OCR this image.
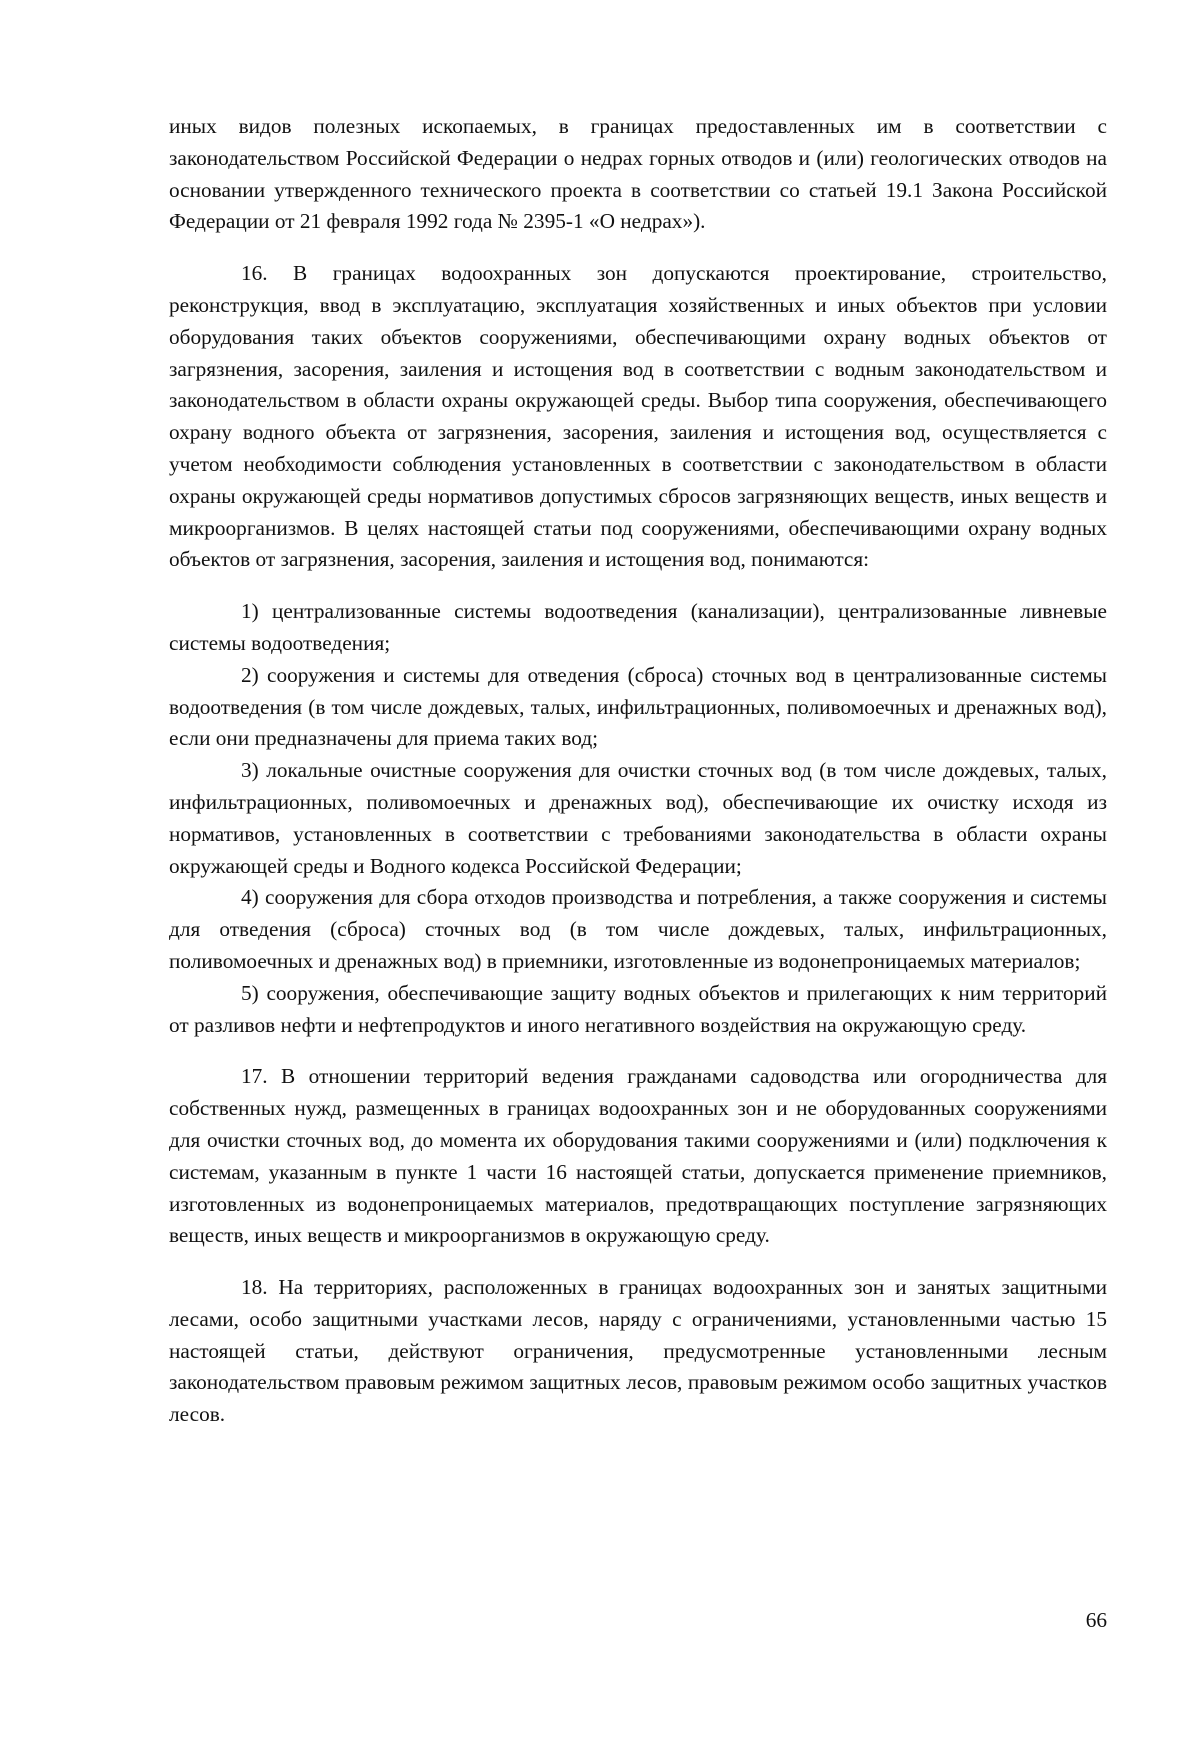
иных видов полезных ископаемых, в границах предоставленных им в соответствии с законодательством Российской Федерации о недрах горных отводов и (или) геологических отводов на основании утвержденного технического проекта в соответствии со статьей 19.1 Закона Российской Федерации от 21 февраля 1992 года № 2395-1 «О недрах»).

16. В границах водоохранных зон допускаются проектирование, строительство, реконструкция, ввод в эксплуатацию, эксплуатация хозяйственных и иных объектов при условии оборудования таких объектов сооружениями, обеспечивающими охрану водных объектов от загрязнения, засорения, заиления и истощения вод в соответствии с водным законодательством и законодательством в области охраны окружающей среды. Выбор типа сооружения, обеспечивающего охрану водного объекта от загрязнения, засорения, заиления и истощения вод, осуществляется с учетом необходимости соблюдения установленных в соответствии с законодательством в области охраны окружающей среды нормативов допустимых сбросов загрязняющих веществ, иных веществ и микроорганизмов. В целях настоящей статьи под сооружениями, обеспечивающими охрану водных объектов от загрязнения, засорения, заиления и истощения вод, понимаются:

1) централизованные системы водоотведения (канализации), централизованные ливневые системы водоотведения;

2) сооружения и системы для отведения (сброса) сточных вод в централизованные системы водоотведения (в том числе дождевых, талых, инфильтрационных, поливомоечных и дренажных вод), если они предназначены для приема таких вод;

3) локальные очистные сооружения для очистки сточных вод (в том числе дождевых, талых, инфильтрационных, поливомоечных и дренажных вод), обеспечивающие их очистку исходя из нормативов, установленных в соответствии с требованиями законодательства в области охраны окружающей среды и Водного кодекса Российской Федерации;

4) сооружения для сбора отходов производства и потребления, а также сооружения и системы для отведения (сброса) сточных вод (в том числе дождевых, талых, инфильтрационных, поливомоечных и дренажных вод) в приемники, изготовленные из водонепроницаемых материалов;

5) сооружения, обеспечивающие защиту водных объектов и прилегающих к ним территорий от разливов нефти и нефтепродуктов и иного негативного воздействия на окружающую среду.

17. В отношении территорий ведения гражданами садоводства или огородничества для собственных нужд, размещенных в границах водоохранных зон и не оборудованных сооружениями для очистки сточных вод, до момента их оборудования такими сооружениями и (или) подключения к системам, указанным в пункте 1 части 16 настоящей статьи, допускается применение приемников, изготовленных из водонепроницаемых материалов, предотвращающих поступление загрязняющих веществ, иных веществ и микроорганизмов в окружающую среду.

18. На территориях, расположенных в границах водоохранных зон и занятых защитными лесами, особо защитными участками лесов, наряду с ограничениями, установленными частью 15 настоящей статьи, действуют ограничения, предусмотренные установленными лесным законодательством правовым режимом защитных лесов, правовым режимом особо защитных участков лесов.

66
